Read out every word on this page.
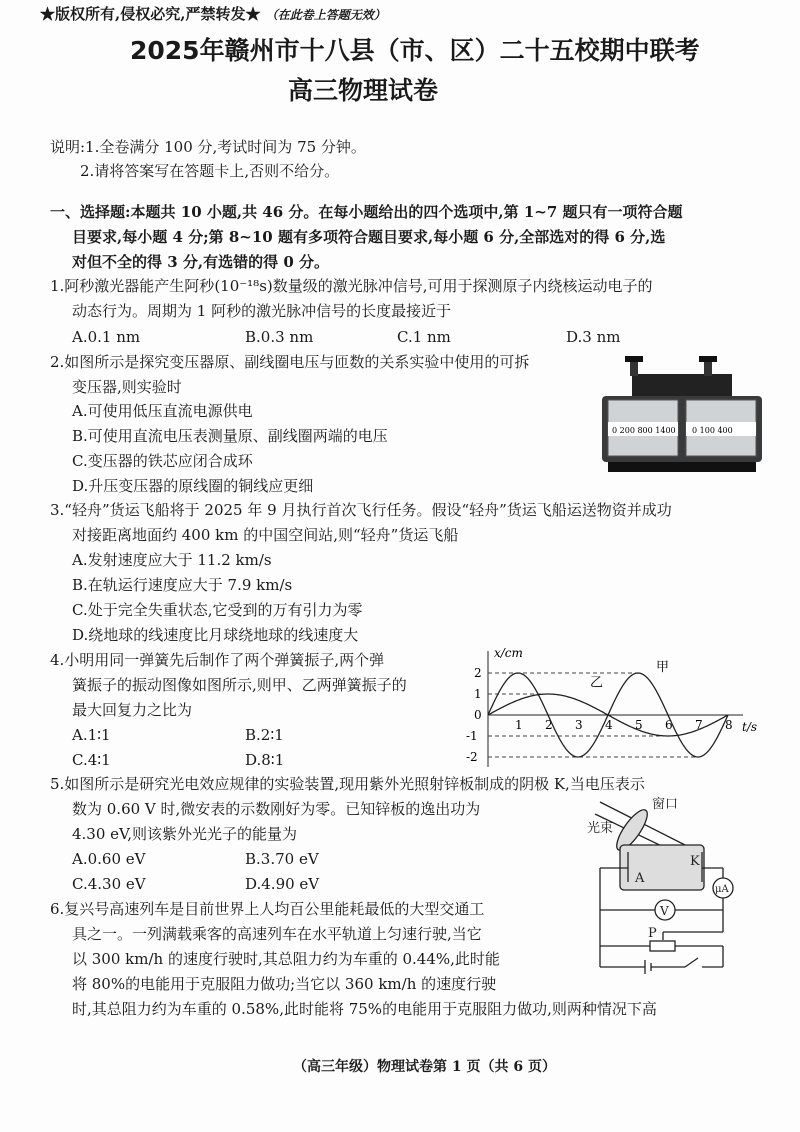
★版权所有,侵权必究,严禁转发★ （在此卷上答题无效）
2025年赣州市十八县（市、区）二十五校期中联考
高三物理试卷
说明:1.全卷满分 100 分,考试时间为 75 分钟。
2.请将答案写在答题卡上,否则不给分。
一、选择题:本题共 10 小题,共 46 分。在每小题给出的四个选项中,第 1~7 题只有一项符合题
目要求,每小题 4 分;第 8~10 题有多项符合题目要求,每小题 6 分,全部选对的得 6 分,选
对但不全的得 3 分,有选错的得 0 分。
1.阿秒激光器能产生阿秒(10⁻¹⁸s)数量级的激光脉冲信号,可用于探测原子内绕核运动电子的
动态行为。周期为 1 阿秒的激光脉冲信号的长度最接近于
A.0.1 nm	B.0.3 nm	C.1 nm	D.3 nm
2.如图所示是探究变压器原、副线圈电压与匝数的关系实验中使用的可拆
变压器,则实验时
A.可使用低压直流电源供电
B.可使用直流电压表测量原、副线圈两端的电压
C.变压器的铁芯应闭合成环
D.升压变压器的原线圈的铜线应更细
0 200 800 1400 0 100 400
3.“轻舟”货运飞船将于 2025 年 9 月执行首次飞行任务。假设“轻舟”货运飞船运送物资并成功
对接距离地面约 400 km 的中国空间站,则“轻舟”货运飞船
A.发射速度应大于 11.2 km/s
B.在轨运行速度应大于 7.9 km/s
C.处于完全失重状态,它受到的万有引力为零
D.绕地球的线速度比月球绕地球的线速度大
4.小明用同一弹簧先后制作了两个弹簧振子,两个弹
簧振子的振动图像如图所示,则甲、乙两弹簧振子的
最大回复力之比为
A.1∶1	B.2∶1
C.4∶1	D.8∶1
x/cm
t/s
1 2 3 4 5 6 7 8
2
1
0
-1
-2
甲
乙
5.如图所示是研究光电效应规律的实验装置,现用紫外光照射锌板制成的阴极 K,当电压表示
数为 0.60 V 时,微安表的示数刚好为零。已知锌板的逸出功为
4.30 eV,则该紫外光光子的能量为
A.0.60 eV	B.3.70 eV
C.4.30 eV	D.4.90 eV
窗口
光束
A
K
μA
V
P
6.复兴号高速列车是目前世界上人均百公里能耗最低的大型交通工
具之一。一列满载乘客的高速列车在水平轨道上匀速行驶,当它
以 300 km/h 的速度行驶时,其总阻力约为车重的 0.44%,此时能
将 80%的电能用于克服阻力做功;当它以 360 km/h 的速度行驶
时,其总阻力约为车重的 0.58%,此时能将 75%的电能用于克服阻力做功,则两种情况下高
（高三年级）物理试卷第 1 页（共 6 页）
